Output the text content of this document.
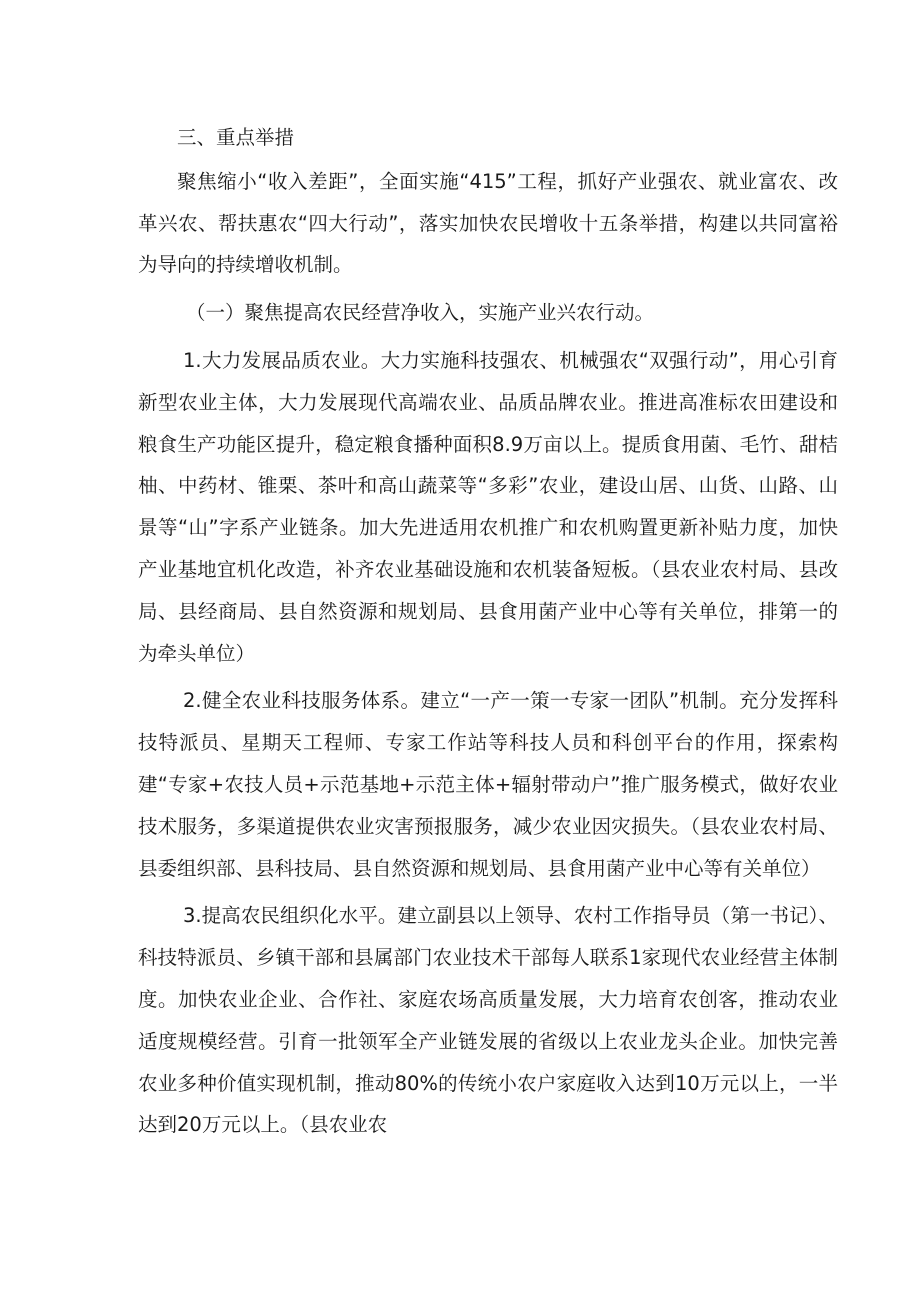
三、重点举措

聚焦缩小“收入差距”，全面实施“415”工程，抓好产业强农、就业富农、改革兴农、帮扶惠农“四大行动”，落实加快农民增收十五条举措，构建以共同富裕为导向的持续增收机制。

（一）聚焦提高农民经营净收入，实施产业兴农行动。

1.大力发展品质农业。大力实施科技强农、机械强农“双强行动”，用心引育新型农业主体，大力发展现代高端农业、品质品牌农业。推进高准标农田建设和粮食生产功能区提升，稳定粮食播种面积8.9万亩以上。提质食用菌、毛竹、甜桔柚、中药材、锥栗、茶叶和高山蔬菜等“多彩”农业，建设山居、山货、山路、山景等“山”字系产业链条。加大先进适用农机推广和农机购置更新补贴力度，加快产业基地宜机化改造，补齐农业基础设施和农机装备短板。（县农业农村局、县改局、县经商局、县自然资源和规划局、县食用菌产业中心等有关单位，排第一的为牵头单位）

2.健全农业科技服务体系。建立“一产一策一专家一团队”机制。充分发挥科技特派员、星期天工程师、专家工作站等科技人员和科创平台的作用，探索构建“专家+农技人员+示范基地+示范主体+辐射带动户”推广服务模式，做好农业技术服务，多渠道提供农业灾害预报服务，减少农业因灾损失。（县农业农村局、县委组织部、县科技局、县自然资源和规划局、县食用菌产业中心等有关单位）

3.提高农民组织化水平。建立副县以上领导、农村工作指导员（第一书记）、科技特派员、乡镇干部和县属部门农业技术干部每人联系1家现代农业经营主体制度。加快农业企业、合作社、家庭农场高质量发展，大力培育农创客，推动农业适度规模经营。引育一批领军全产业链发展的省级以上农业龙头企业。加快完善农业多种价值实现机制，推动80%的传统小农户家庭收入达到10万元以上，一半达到20万元以上。（县农业农
